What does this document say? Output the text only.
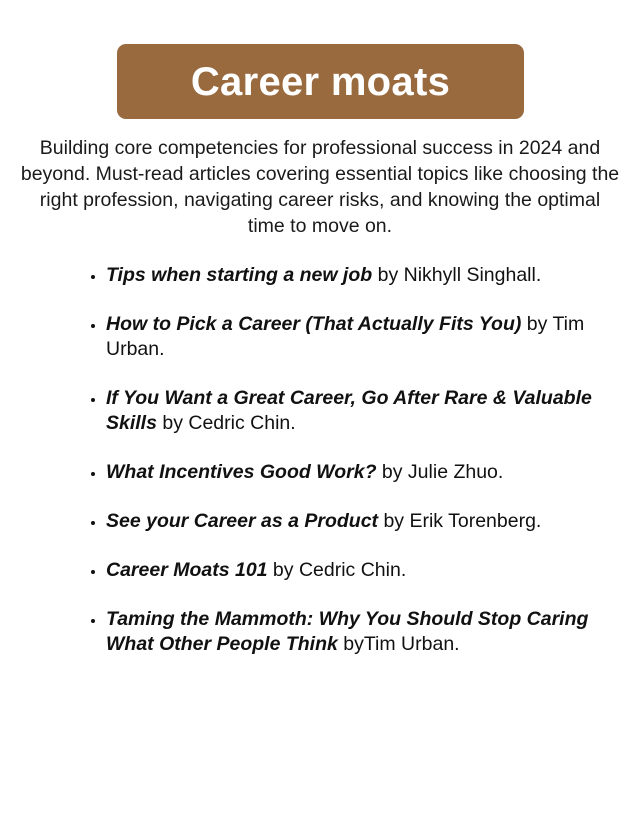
Career moats

Building core competencies for professional success in 2024 and beyond. Must-read articles covering essential topics like choosing the right profession, navigating career risks, and knowing the optimal time to move on.

• Tips when starting a new job by Nikhyll Singhall.
• How to Pick a Career (That Actually Fits You) by Tim Urban.
• If You Want a Great Career, Go After Rare & Valuable Skills by Cedric Chin.
• What Incentives Good Work? by Julie Zhuo.
• See your Career as a Product by Erik Torenberg.
• Career Moats 101 by Cedric Chin.
• Taming the Mammoth: Why You Should Stop Caring What Other People Think byTim Urban.
